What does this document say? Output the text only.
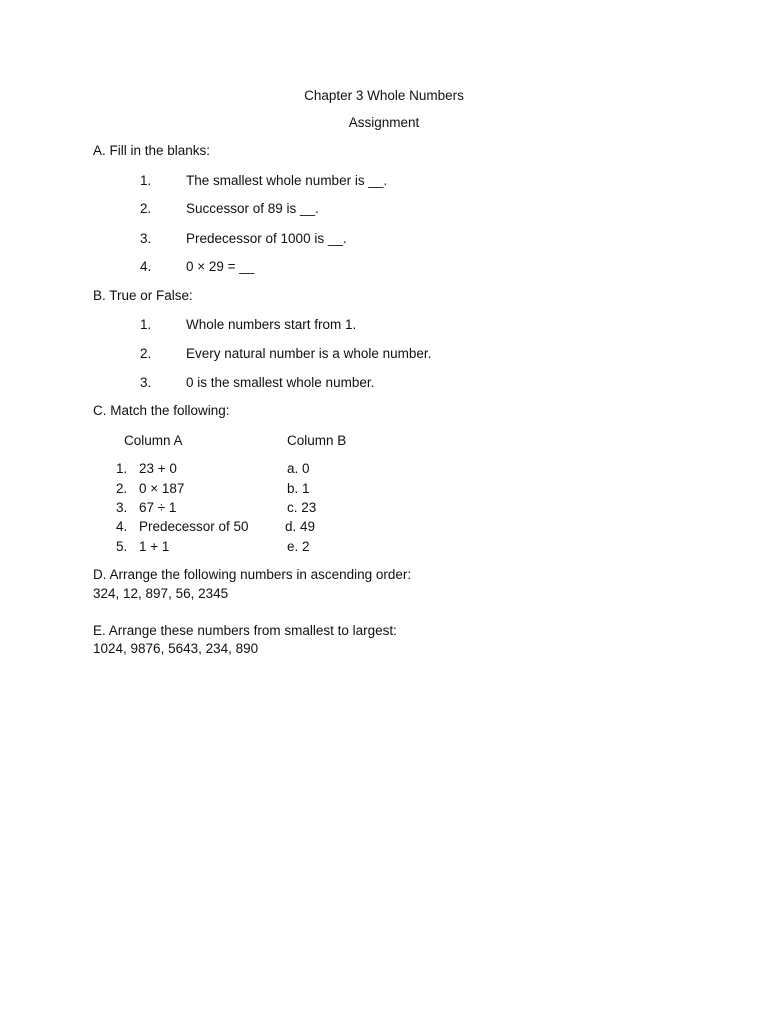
Chapter 3 Whole Numbers
Assignment
A. Fill in the blanks:
1.	The smallest whole number is __.
2.	Successor of 89 is __.
3.	Predecessor of 1000 is __.
4.	0 × 29 = __
B. True or False:
1.	Whole numbers start from 1.
2.	Every natural number is a whole number.
3.	0 is the smallest whole number.
C. Match the following:
Column A	Column B
1. 23 + 0	a. 0
2. 0 × 187	b. 1
3. 67 ÷ 1	c. 23
4. Predecessor of 50	d. 49
5. 1 + 1	e. 2
D. Arrange the following numbers in ascending order:
324, 12, 897, 56, 2345
E. Arrange these numbers from smallest to largest:
1024, 9876, 5643, 234, 890
